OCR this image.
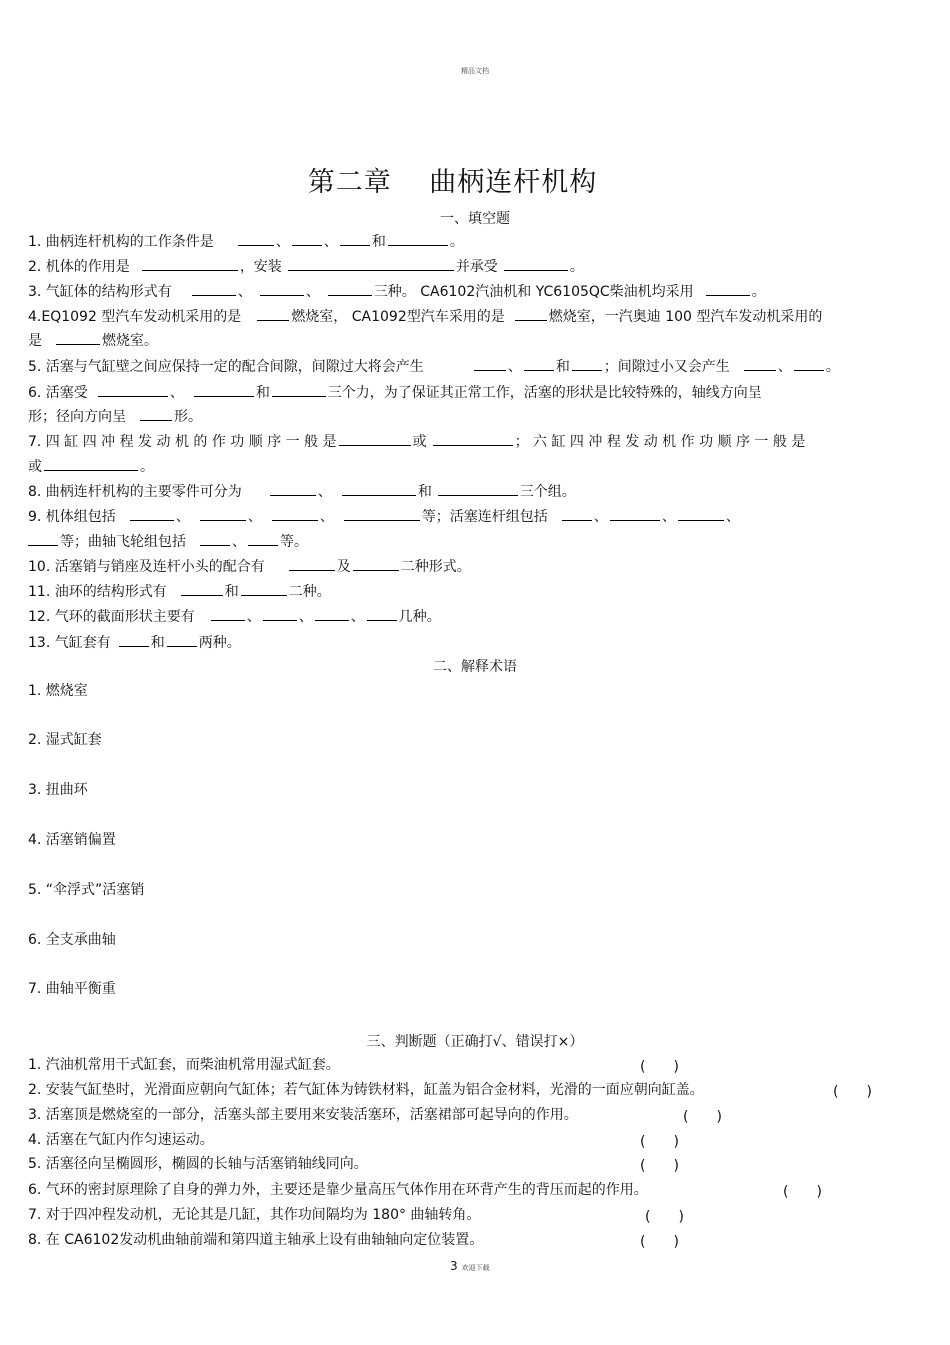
精品文档
第二章　 曲柄连杆机构
一、填空题
1. 曲柄连杆机构的工作条件是	、 、 和	。
2. 机体的作用是	，安装	并承受	。
3. 气缸体的结构形式有	、	、	三种。 CA6102汽油机和 YC6105QC柴油机均采用	。
4.EQ1092 型汽车发动机采用的是	燃烧室， CA1092型汽车采用的是	燃烧室，一汽奥迪 100 型汽车发动机采用的
是	燃烧室。
5. 活塞与气缸壁之间应保持一定的配合间隙，间隙过大将会产生	、 和 ；间隙过小又会产生	、 。
6. 活塞受	、	和	三个力，为了保证其正常工作，活塞的形状是比较特殊的，轴线方向呈
形；径向方向呈	形。
7. 四 缸 四 冲 程 发 动 机 的 作 功 顺 序 一 般 是	或	； 六 缸 四 冲 程 发 动 机 作 功 顺 序 一 般 是
或	。
8. 曲柄连杆机构的主要零件可分为	、	和	三个组。
9. 机体组包括	、	、	、	等；活塞连杆组包括	、	、	、
等；曲轴飞轮组包括	、 等。
10. 活塞销与销座及连杆小头的配合有	及	二种形式。
11. 油环的结构形式有	和	二种。
12. 气环的截面形状主要有	、	、	、 几种。
13. 气缸套有	和 两种。
二、解释术语
1. 燃烧室
2. 湿式缸套
3. 扭曲环
4. 活塞销偏置
5. “伞浮式”活塞销
6. 全支承曲轴
7. 曲轴平衡重
三、判断题（正确打√、错误打×）
1. 汽油机常用干式缸套，而柴油机常用湿式缸套。	(　　)
2. 安装气缸垫时，光滑面应朝向气缸体；若气缸体为铸铁材料，缸盖为铝合金材料，光滑的一面应朝向缸盖。	(　　)
3. 活塞顶是燃烧室的一部分，活塞头部主要用来安装活塞环，活塞裙部可起导向的作用。	(　　)
4. 活塞在气缸内作匀速运动。	(　　)
5. 活塞径向呈椭圆形，椭圆的长轴与活塞销轴线同向。	(　　)
6. 气环的密封原理除了自身的弹力外，主要还是靠少量高压气体作用在环背产生的背压而起的作用。	(　　)
7. 对于四冲程发动机，无论其是几缸，其作功间隔均为 180° 曲轴转角。	(　　)
8. 在 CA6102发动机曲轴前端和第四道主轴承上设有曲轴轴向定位装置。	(　　)
3 欢迎下载
